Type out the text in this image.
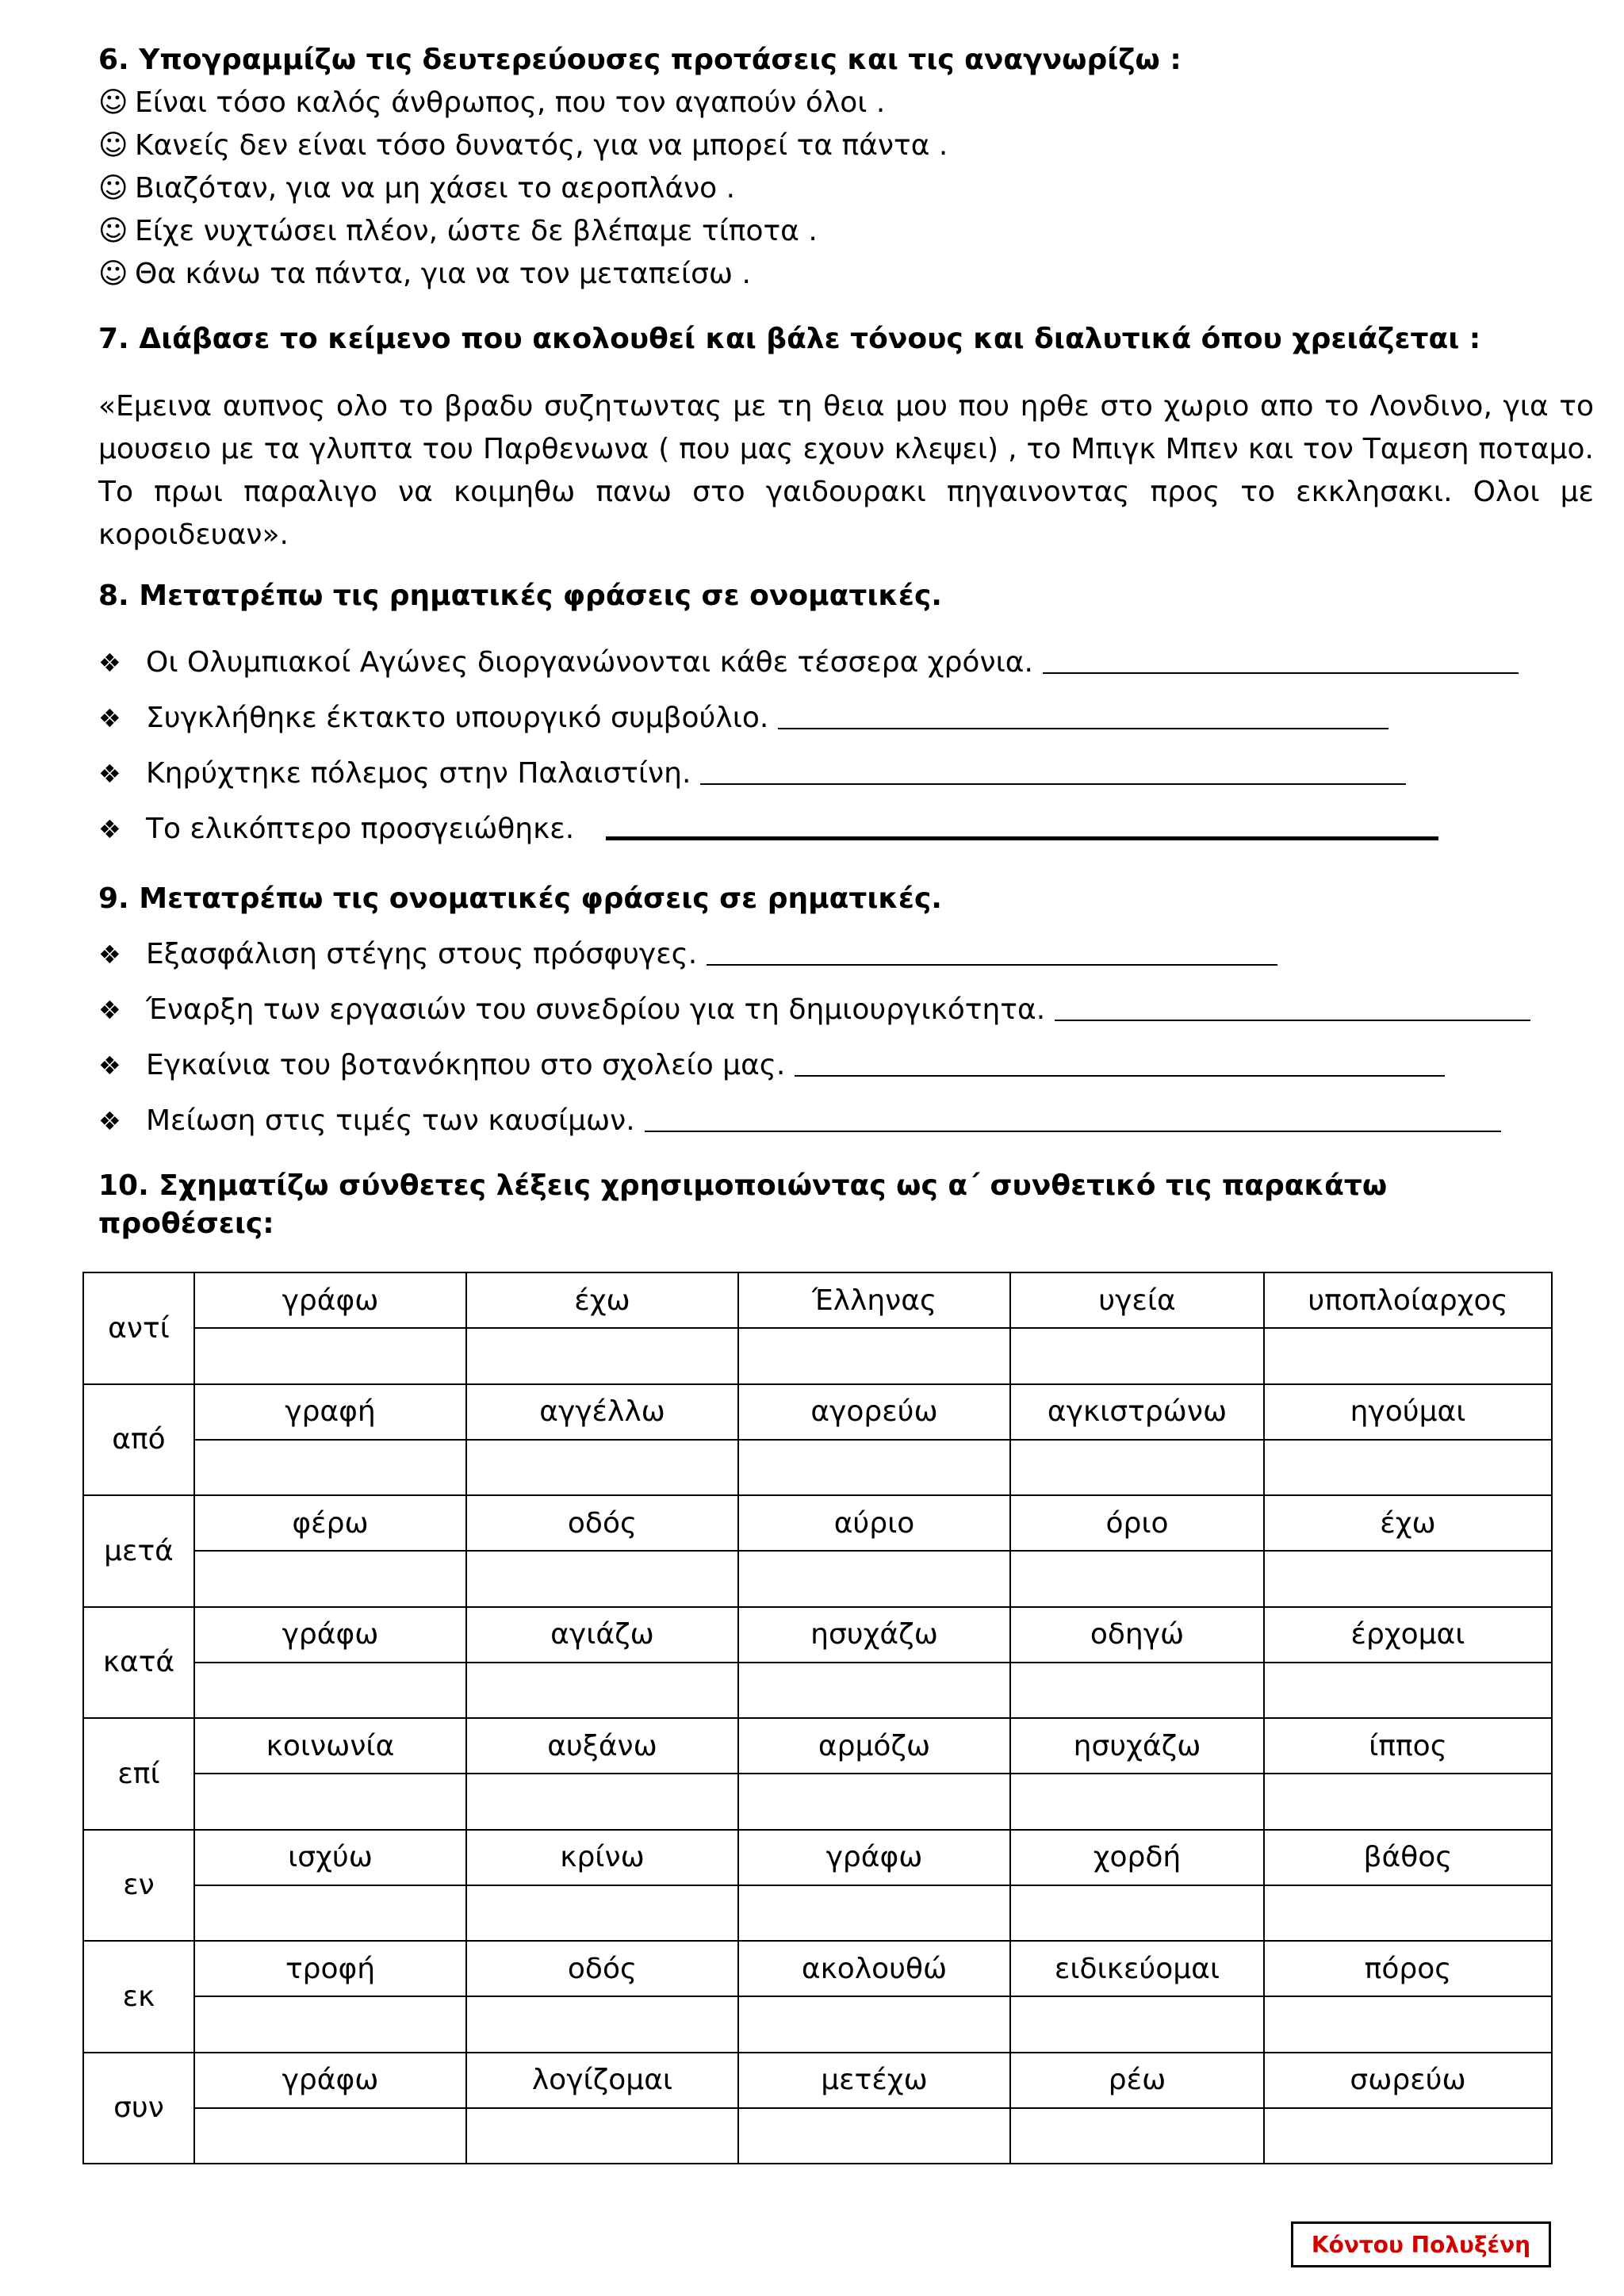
6. Υπογραμμίζω τις δευτερεύουσες προτάσεις και τις αναγνωρίζω :
☺ Είναι τόσο καλός άνθρωπος, που τον αγαπούν όλοι .
☺ Κανείς δεν είναι τόσο δυνατός, για να μπορεί τα πάντα .
☺ Βιαζόταν, για να μη χάσει το αεροπλάνο .
☺ Είχε νυχτώσει πλέον, ώστε δε βλέπαμε τίποτα .
☺ Θα κάνω τα πάντα, για να τον μεταπείσω .
7. Διάβασε το κείμενο που ακολουθεί και βάλε τόνους και διαλυτικά όπου χρειάζεται :

«Εμεινα αυπνος ολο το βραδυ συζητωντας με τη θεια μου που ηρθε στο χωριο απο το Λονδινο, για το μουσειο με τα γλυπτα του Παρθενωνα ( που μας εχουν κλεψει) , το Μπιγκ Μπεν και τον Ταμεση ποταμο. Το πρωι παραλιγο να κοιμηθω πανω στο γαιδουρακι πηγαινοντας προς το εκκλησακι. Ολοι με κοροιδευαν».

8. Μετατρέπω τις ρηματικές φράσεις σε ονοματικές.
❖ Οι Ολυμπιακοί Αγώνες διοργανώνονται κάθε τέσσερα χρόνια.
❖ Συγκλήθηκε έκτακτο υπουργικό συμβούλιο.
❖ Κηρύχτηκε πόλεμος στην Παλαιστίνη.
❖ Το ελικόπτερο προσγειώθηκε.
9. Μετατρέπω τις ονοματικές φράσεις σε ρηματικές.
❖ Εξασφάλιση στέγης στους πρόσφυγες.
❖ Έναρξη των εργασιών του συνεδρίου για τη δημιουργικότητα.
❖ Εγκαίνια του βοτανόκηπου στο σχολείο μας.
❖ Μείωση στις τιμές των καυσίμων.
10. Σχηματίζω σύνθετες λέξεις χρησιμοποιώντας ως α΄ συνθετικό τις παρακάτω
προθέσεις:
αντί	γράφω	έχω	Έλληνας	υγεία	υποπλοίαρχος

από	γραφή	αγγέλλω	αγορεύω	αγκιστρώνω	ηγούμαι

μετά	φέρω	οδός	αύριο	όριο	έχω

κατά	γράφω	αγιάζω	ησυχάζω	οδηγώ	έρχομαι

επί	κοινωνία	αυξάνω	αρμόζω	ησυχάζω	ίππος

εν	ισχύω	κρίνω	γράφω	χορδή	βάθος

εκ	τροφή	οδός	ακολουθώ	ειδικεύομαι	πόρος

συν	γράφω	λογίζομαι	μετέχω	ρέω	σωρεύω

Κόντου Πολυξένη
